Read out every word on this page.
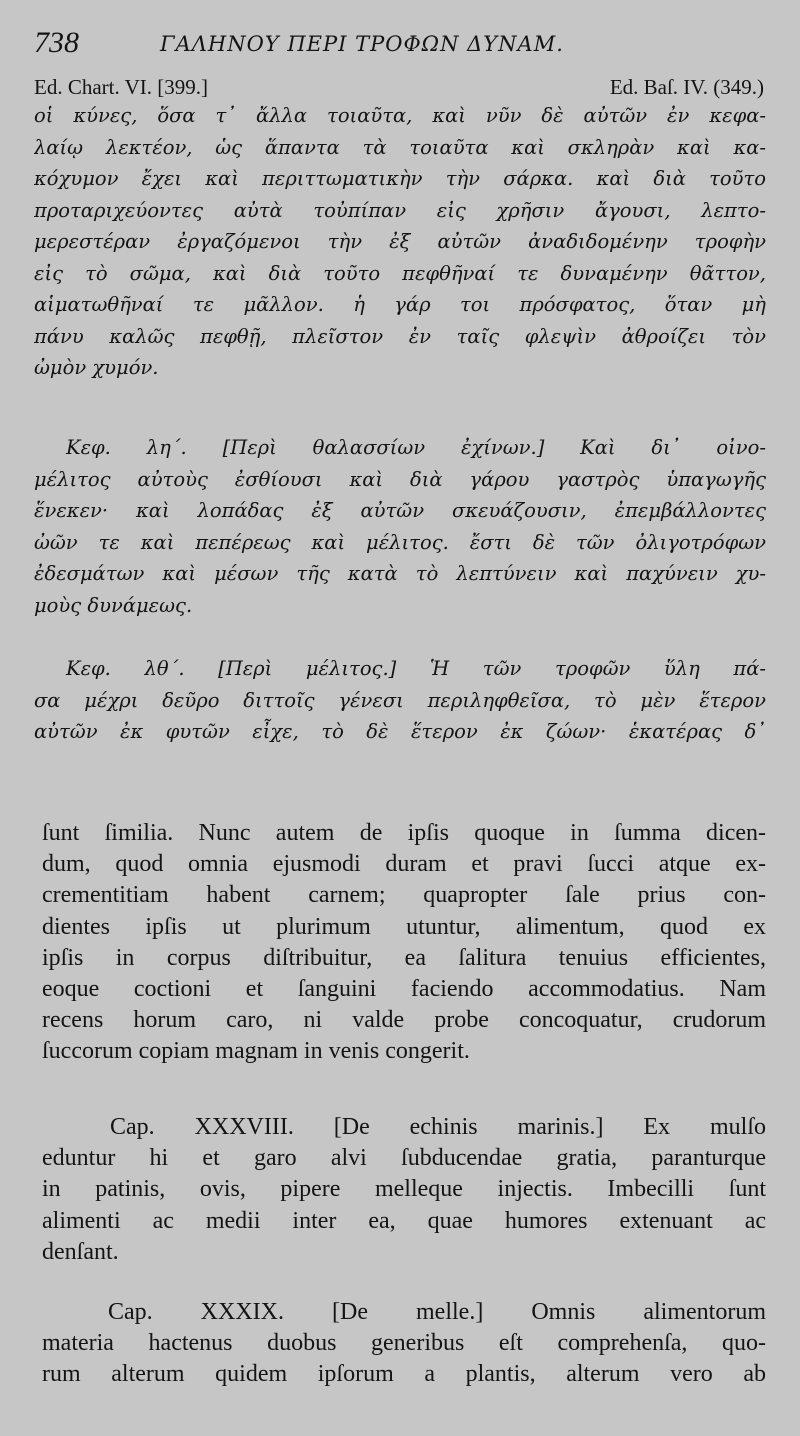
738	ΓΑΛΗΝΟΥ ΠΕΡΙ ΤΡΟΦΩΝ ΔΥΝΑΜ.
Ed. Chart. VI. [399.]	Ed. Baſ. IV. (349.)
οἱ κύνες, ὅσα τ᾽ ἄλλα τοιαῦτα, καὶ νῦν δὲ αὐτῶν ἐν κεφα-
λαίῳ λεκτέον, ὡς ἅπαντα τὰ τοιαῦτα καὶ σκληρὰν καὶ κα-
κόχυμον ἔχει καὶ περιττωματικὴν τὴν σάρκα. καὶ διὰ τοῦτο
προταριχεύοντες αὐτὰ τοὐπίπαν εἰς χρῆσιν ἄγουσι, λεπτο-
μερεστέραν ἐργαζόμενοι τὴν ἐξ αὐτῶν ἀναδιδομένην τροφὴν
εἰς τὸ σῶμα, καὶ διὰ τοῦτο πεφθῆναί τε δυναμένην θᾶττον,
αἱματωθῆναί τε μᾶλλον. ἡ γάρ τοι πρόσφατος, ὅταν μὴ
πάνυ καλῶς πεφθῇ, πλεῖστον ἐν ταῖς φλεψὶν ἀθροίζει τὸν
ὠμὸν χυμόν.
Κεφ. λη΄. [Περὶ θαλασσίων ἐχίνων.] Καὶ δι᾽ οἰνο-
μέλιτος αὐτοὺς ἐσθίουσι καὶ διὰ γάρου γαστρὸς ὑπαγωγῆς
ἕνεκεν· καὶ λοπάδας ἐξ αὐτῶν σκευάζουσιν, ἐπεμβάλλοντες
ὠῶν τε καὶ πεπέρεως καὶ μέλιτος. ἔστι δὲ τῶν ὀλιγοτρόφων
ἐδεσμάτων καὶ μέσων τῆς κατὰ τὸ λεπτύνειν καὶ παχύνειν χυ-
μοὺς δυνάμεως.
Κεφ. λθ΄. [Περὶ μέλιτος.] Ἡ τῶν τροφῶν ὕλη πά-
σα μέχρι δεῦρο διττοῖς γένεσι περιληφθεῖσα, τὸ μὲν ἕτερον
αὐτῶν ἐκ φυτῶν εἶχε, τὸ δὲ ἕτερον ἐκ ζώων· ἑκατέρας δ᾽
ſunt ſimilia. Nunc autem de ipſis quoque in ſumma dicen-
dum, quod omnia ejusmodi duram et pravi ſucci atque ex-
crementitiam habent carnem; quapropter ſale prius con-
dientes ipſis ut plurimum utuntur, alimentum, quod ex
ipſis in corpus diſtribuitur, ea ſalitura tenuius efficientes,
eoque coctioni et ſanguini faciendo accommodatius. Nam
recens horum caro, ni valde probe concoquatur, crudorum
ſuccorum copiam magnam in venis congerit.
Cap. XXXVIII. [De echinis marinis.] Ex mulſo
eduntur hi et garo alvi ſubducendae gratia, paranturque
in patinis, ovis, pipere melleque injectis. Imbecilli ſunt
alimenti ac medii inter ea, quae humores extenuant ac
denſant.
Cap. XXXIX. [De melle.] Omnis alimentorum
materia hactenus duobus generibus eſt comprehenſa, quo-
rum alterum quidem ipſorum a plantis, alterum vero ab
